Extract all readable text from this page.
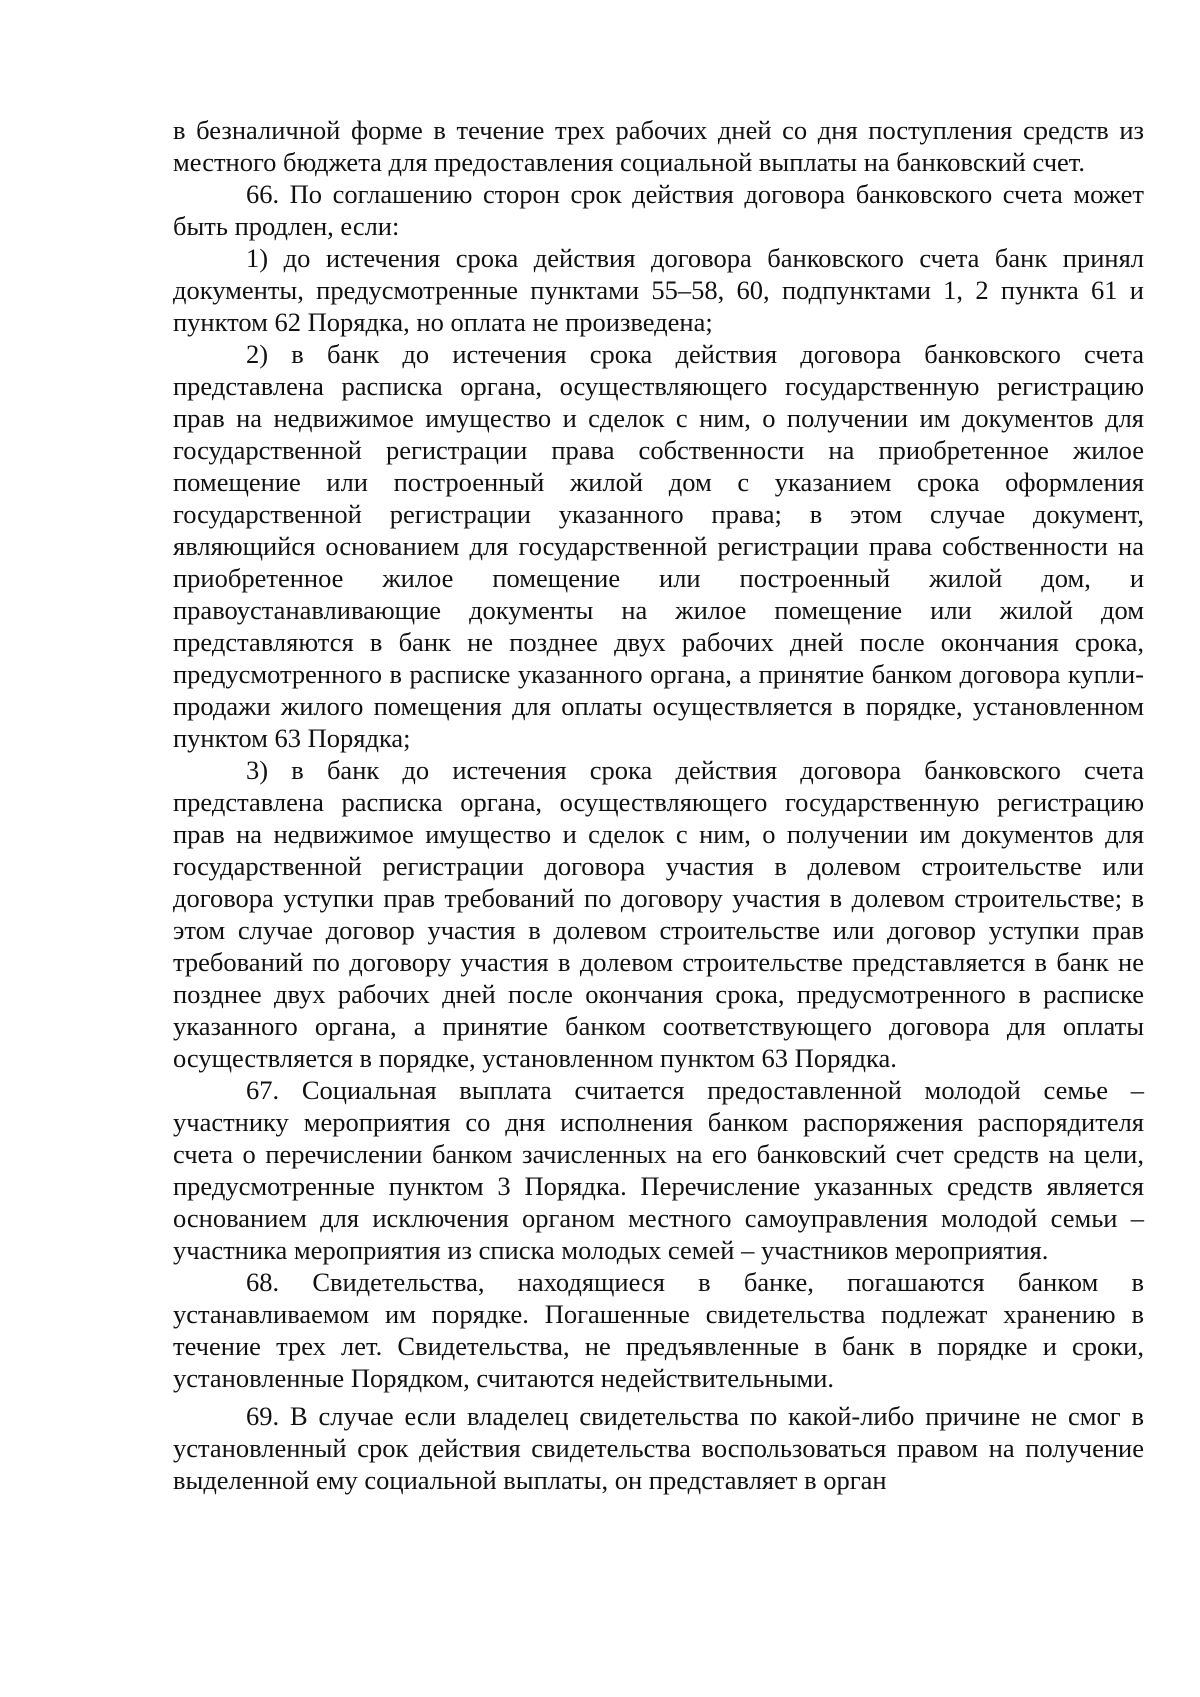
в безналичной форме в течение трех рабочих дней со дня поступления средств из местного бюджета для предоставления социальной выплаты на банковский счет.

66. По соглашению сторон срок действия договора банковского счета может быть продлен, если:

1) до истечения срока действия договора банковского счета банк принял документы, предусмотренные пунктами 55–58, 60, подпунктами 1, 2 пункта 61 и пунктом 62 Порядка, но оплата не произведена;

2) в банк до истечения срока действия договора банковского счета представлена расписка органа, осуществляющего государственную регистрацию прав на недвижимое имущество и сделок с ним, о получении им документов для государственной регистрации права собственности на приобретенное жилое помещение или построенный жилой дом с указанием срока оформления государственной регистрации указанного права; в этом случае документ, являющийся основанием для государственной регистрации права собственности на приобретенное жилое помещение или построенный жилой дом, и правоустанавливающие документы на жилое помещение или жилой дом представляются в банк не позднее двух рабочих дней после окончания срока, предусмотренного в расписке указанного органа, а принятие банком договора купли-продажи жилого помещения для оплаты осуществляется в порядке, установленном пунктом 63 Порядка;

3) в банк до истечения срока действия договора банковского счета представлена расписка органа, осуществляющего государственную регистрацию прав на недвижимое имущество и сделок с ним, о получении им документов для государственной регистрации договора участия в долевом строительстве или договора уступки прав требований по договору участия в долевом строительстве; в этом случае договор участия в долевом строительстве или договор уступки прав требований по договору участия в долевом строительстве представляется в банк не позднее двух рабочих дней после окончания срока, предусмотренного в расписке указанного органа, а принятие банком соответствующего договора для оплаты осуществляется в порядке, установленном пунктом 63 Порядка.

67. Социальная выплата считается предоставленной молодой семье – участнику мероприятия со дня исполнения банком распоряжения распорядителя счета о перечислении банком зачисленных на его банковский счет средств на цели, предусмотренные пунктом 3 Порядка. Перечисление указанных средств является основанием для исключения органом местного самоуправления молодой семьи – участника мероприятия из списка молодых семей – участников мероприятия.

68. Свидетельства, находящиеся в банке, погашаются банком в устанавливаемом им порядке. Погашенные свидетельства подлежат хранению в течение трех лет. Свидетельства, не предъявленные в банк в порядке и сроки, установленные Порядком, считаются недействительными.

69. В случае если владелец свидетельства по какой-либо причине не смог в установленный срок действия свидетельства воспользоваться правом на получение выделенной ему социальной выплаты, он представляет в орган
